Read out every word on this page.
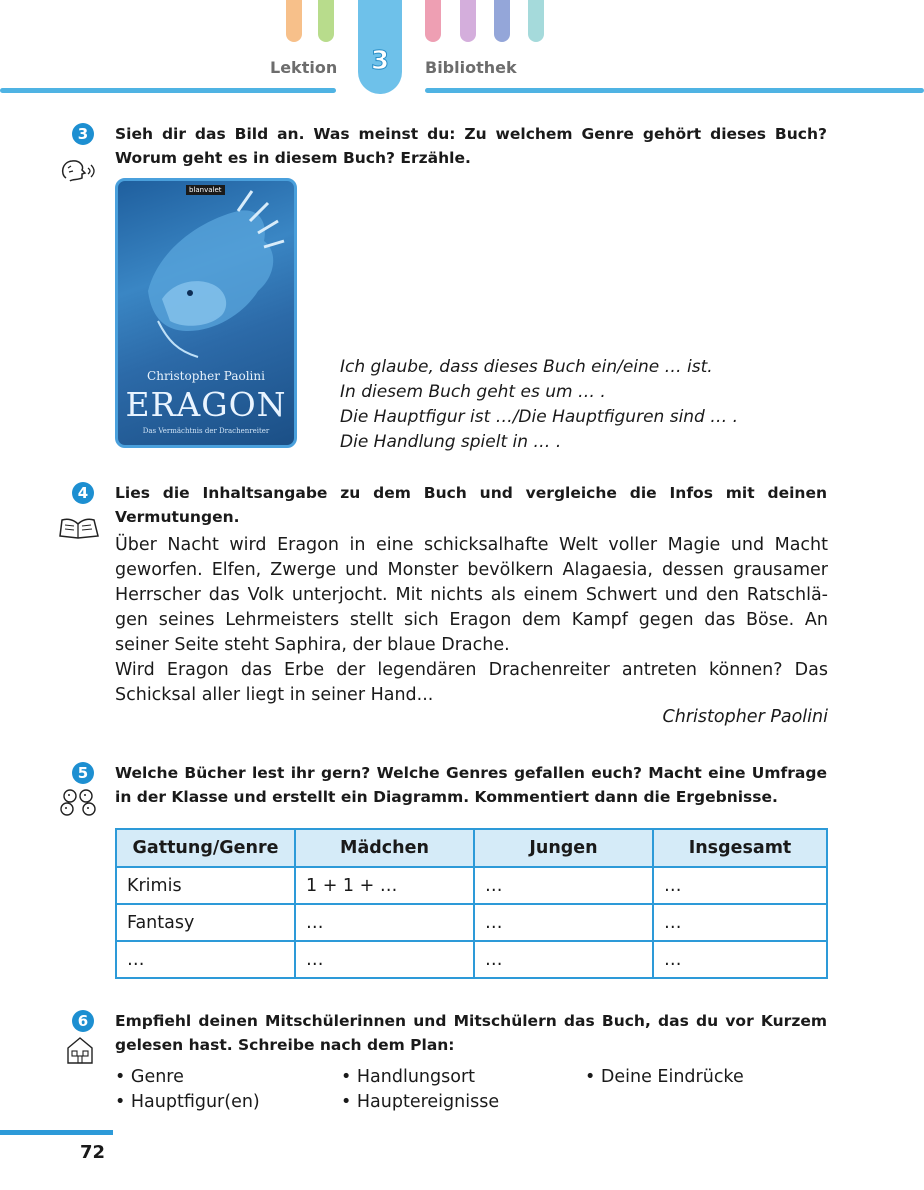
3
Lektion	Bibliothek
3	Sieh dir das Bild an. Was meinst du: Zu welchem Genre gehört dieses Buch? Worum geht es in diesem Buch? Erzähle.
blanvalet
Christopher Paolini
ERAGON
Das Vermächtnis der Drachenreiter
Ich glaube, dass dieses Buch ein/eine … ist.
In diesem Buch geht es um … .
Die Hauptfigur ist …/Die Hauptfiguren sind … .
Die Handlung spielt in … .
4	Lies die Inhaltsangabe zu dem Buch und vergleiche die Infos mit deinen Vermutungen.

Über Nacht wird Eragon in eine schicksalhafte Welt voller Magie und Macht geworfen. Elfen, Zwerge und Monster bevölkern Alagaesia, dessen grausamer Herrscher das Volk unterjocht. Mit nichts als einem Schwert und den Ratschlä-gen seines Lehrmeisters stellt sich Eragon dem Kampf gegen das Böse. An seiner Seite steht Saphira, der blaue Drache.

Wird Eragon das Erbe der legendären Drachenreiter antreten können? Das Schicksal aller liegt in seiner Hand...

Christopher Paolini
5	Welche Bücher lest ihr gern? Welche Genres gefallen euch? Macht eine Umfrage in der Klasse und erstellt ein Diagramm. Kommentiert dann die Ergebnisse.
Gattung/Genre	Mädchen	Jungen	Insgesamt
Krimis	1 + 1 + …	…	…
Fantasy	…	…	…
…	…	…	…
6	Empfiehl deinen Mitschülerinnen und Mitschülern das Buch, das du vor Kurzem gelesen hast. Schreibe nach dem Plan:
• Genre
• Hauptfigur(en)
• Handlungsort
• Hauptereignisse
• Deine Eindrücke
72
